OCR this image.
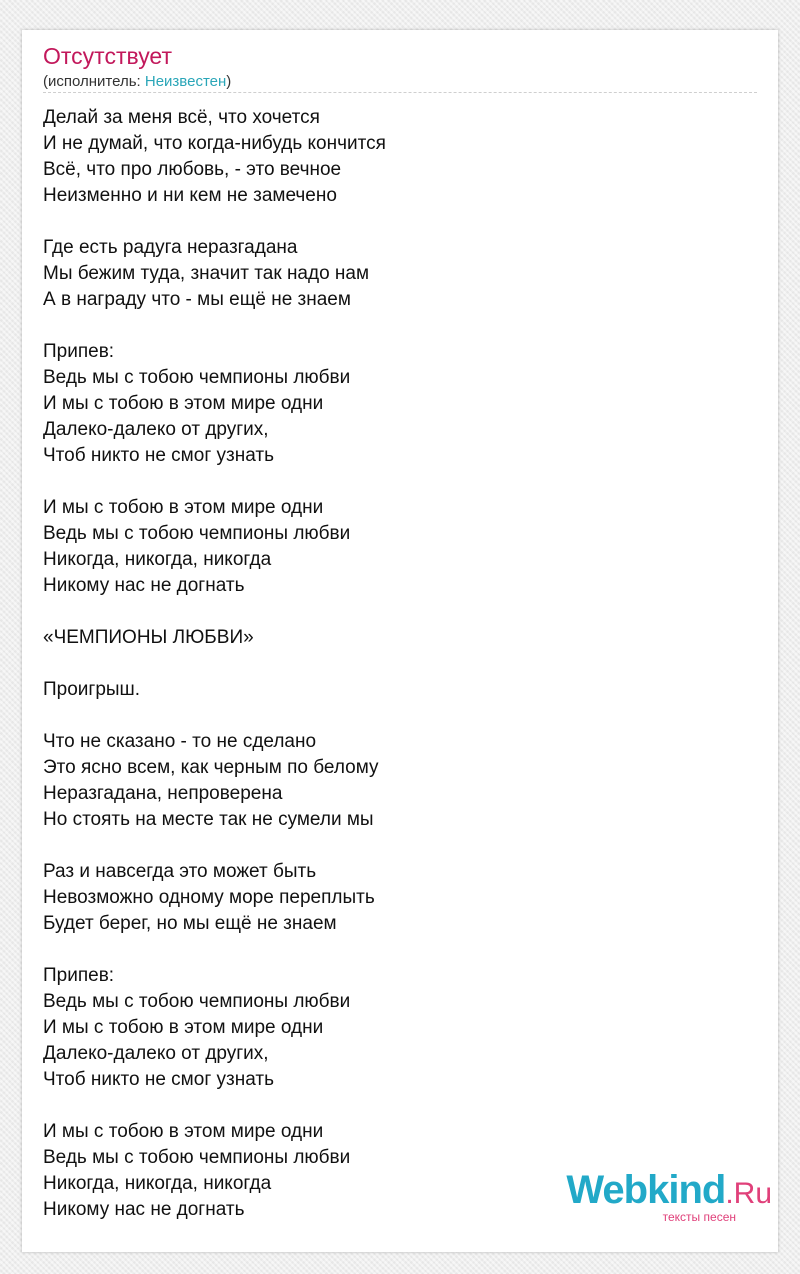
Отсутствует
(исполнитель: Неизвестен)
Делай за меня всё, что хочется
И не думай, что когда-нибудь кончится
Всё, что про любовь, - это вечное
Неизменно и ни кем не замечено
Где есть радуга неразгадана
Мы бежим туда, значит так надо нам
А в награду что - мы ещё не знаем
Припев:
Ведь мы с тобою чемпионы любви
И мы с тобою в этом мире одни
Далеко-далеко от других,
Чтоб никто не смог узнать
И мы с тобою в этом мире одни
Ведь мы с тобою чемпионы любви
Никогда, никогда, никогда
Никому нас не догнать
«ЧЕМПИОНЫ ЛЮБВИ»
Проигрыш.
Что не сказано - то не сделано
Это ясно всем, как черным по белому
Неразгадана, непроверена
Но стоять на месте так не сумели мы
Раз и навсегда это может быть
Невозможно одному море переплыть
Будет берег, но мы ещё не знаем
Припев:
Ведь мы с тобою чемпионы любви
И мы с тобою в этом мире одни
Далеко-далеко от других,
Чтоб никто не смог узнать
И мы с тобою в этом мире одни
Ведь мы с тобою чемпионы любви
Никогда, никогда, никогда
Никому нас не догнать	Webkind.Ru
тексты песен
